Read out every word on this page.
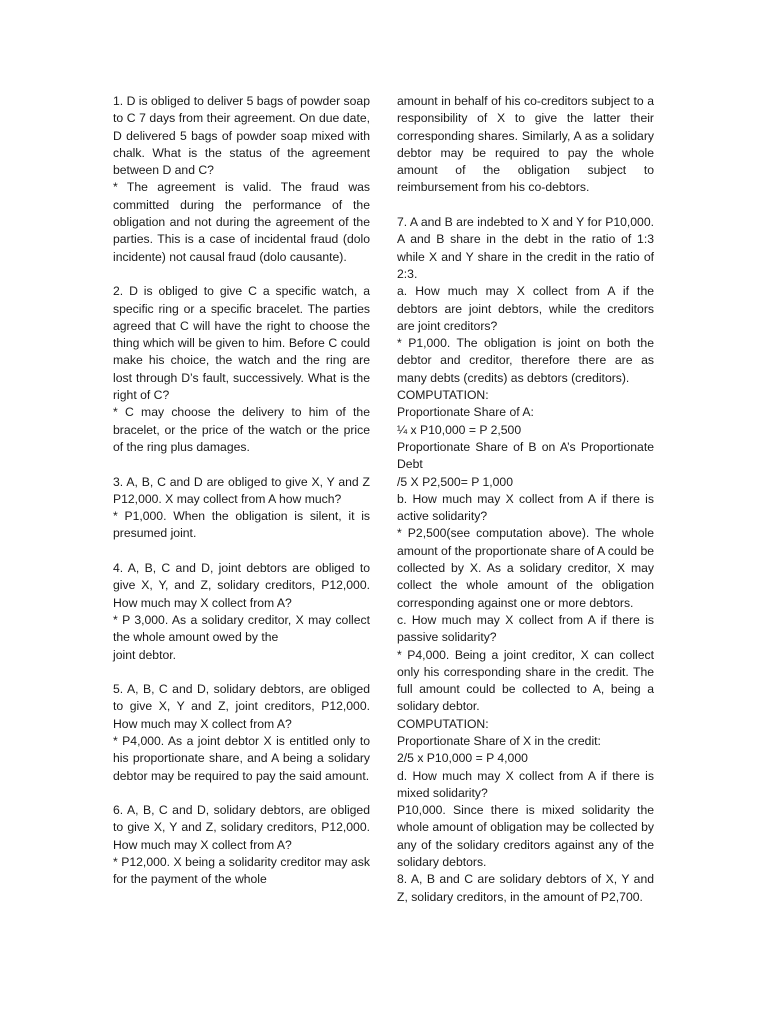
1. D is obliged to deliver 5 bags of powder soap to C 7 days from their agreement. On due date, D delivered 5 bags of powder soap mixed with chalk. What is the status of the agreement between D and C?

* The agreement is valid. The fraud was committed during the performance of the obligation and not during the agreement of the parties. This is a case of incidental fraud (dolo incidente) not causal fraud (dolo causante).

2. D is obliged to give C a specific watch, a specific ring or a specific bracelet. The parties agreed that C will have the right to choose the thing which will be given to him. Before C could make his choice, the watch and the ring are lost through D’s fault, successively. What is the right of C?

* C may choose the delivery to him of the bracelet, or the price of the watch or the price of the ring plus damages.

3. A, B, C and D are obliged to give X, Y and Z P12,000. X may collect from A how much?

* P1,000. When the obligation is silent, it is presumed joint.

4. A, B, C and D, joint debtors are obliged to give X, Y, and Z, solidary creditors, P12,000. How much may X collect from A?

* P 3,000. As a solidary creditor, X may collect the whole amount owed by the

joint debtor.

5. A, B, C and D, solidary debtors, are obliged to give X, Y and Z, joint creditors, P12,000. How much may X collect from A?

* P4,000. As a joint debtor X is entitled only to his proportionate share, and A being a solidary debtor may be required to pay the said amount.

6. A, B, C and D, solidary debtors, are obliged to give X, Y and Z, solidary creditors, P12,000. How much may X collect from A?

* P12,000. X being a solidarity creditor may ask for the payment of the whole

amount in behalf of his co-creditors subject to a responsibility of X to give the latter their corresponding shares. Similarly, A as a solidary debtor may be required to pay the whole amount of the obligation subject to reimbursement from his co-debtors.

7. A and B are indebted to X and Y for P10,000. A and B share in the debt in the ratio of 1:3 while X and Y share in the credit in the ratio of 2:3.

a. How much may X collect from A if the debtors are joint debtors, while the creditors are joint creditors?

* P1,000. The obligation is joint on both the debtor and creditor, therefore there are as many debts (credits) as debtors (creditors).

COMPUTATION:

Proportionate Share of A:

¼ x P10,000 = P 2,500

Proportionate Share of B on A’s Proportionate Debt

/5 X P2,500= P 1,000

b. How much may X collect from A if there is active solidarity?

* P2,500(see computation above). The whole amount of the proportionate share of A could be collected by X. As a solidary creditor, X may collect the whole amount of the obligation corresponding against one or more debtors.

c. How much may X collect from A if there is passive solidarity?

* P4,000. Being a joint creditor, X can collect only his corresponding share in the credit. The full amount could be collected to A, being a solidary debtor.

COMPUTATION:

Proportionate Share of X in the credit:

2/5 x P10,000 = P 4,000

d. How much may X collect from A if there is mixed solidarity?

P10,000. Since there is mixed solidarity the whole amount of obligation may be collected by any of the solidary creditors against any of the solidary debtors.

8. A, B and C are solidary debtors of X, Y and Z, solidary creditors, in the amount of P2,700.
